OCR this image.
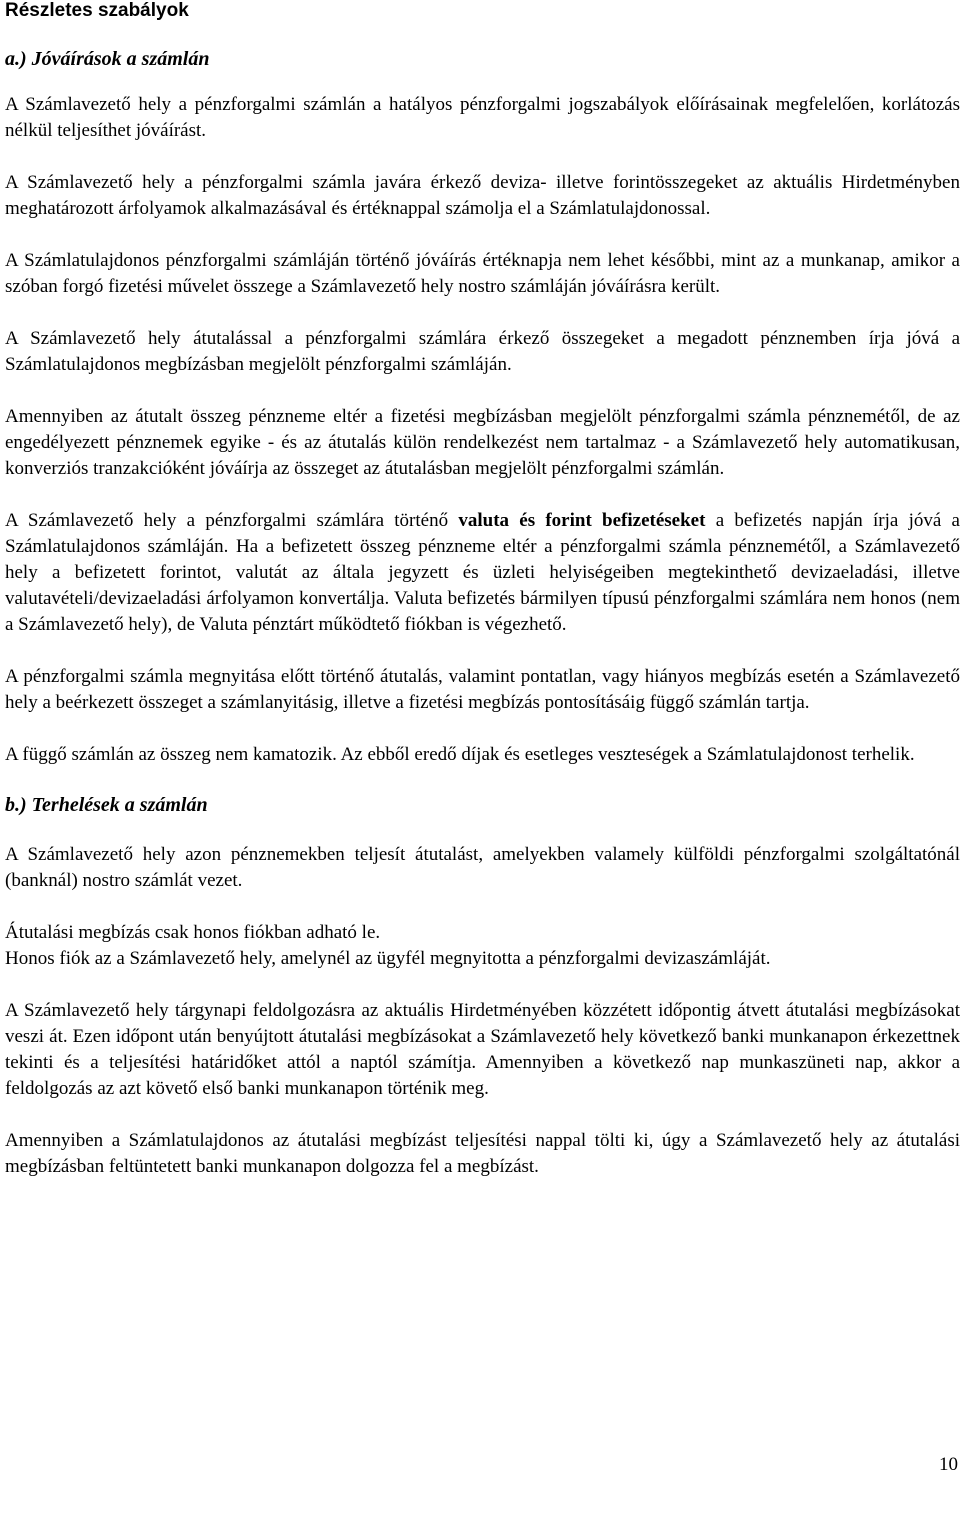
Részletes szabályok
a.) Jóváírások a számlán

A Számlavezető hely a pénzforgalmi számlán a hatályos pénzforgalmi jogszabályok előírásainak megfelelően, korlátozás nélkül teljesíthet jóváírást.

A Számlavezető hely a pénzforgalmi számla javára érkező deviza- illetve forintösszegeket az aktuális Hirdetményben meghatározott árfolyamok alkalmazásával és értéknappal számolja el a Számlatulajdonossal.

A Számlatulajdonos pénzforgalmi számláján történő jóváírás értéknapja nem lehet későbbi, mint az a munkanap, amikor a szóban forgó fizetési művelet összege a Számlavezető hely nostro számláján jóváírásra került.

A Számlavezető hely átutalással a pénzforgalmi számlára érkező összegeket a megadott pénznemben írja jóvá a Számlatulajdonos megbízásban megjelölt pénzforgalmi számláján.

Amennyiben az átutalt összeg pénzneme eltér a fizetési megbízásban megjelölt pénzforgalmi számla pénznemétől, de az engedélyezett pénznemek egyike - és az átutalás külön rendelkezést nem tartalmaz - a Számlavezető hely automatikusan, konverziós tranzakcióként jóváírja az összeget az átutalásban megjelölt pénzforgalmi számlán.

A Számlavezető hely a pénzforgalmi számlára történő valuta és forint befizetéseket a befizetés napján írja jóvá a Számlatulajdonos számláján. Ha a befizetett összeg pénzneme eltér a pénzforgalmi számla pénznemétől, a Számlavezető hely a befizetett forintot, valutát az általa jegyzett és üzleti helyiségeiben megtekinthető devizaeladási, illetve valutavételi/devizaeladási árfolyamon konvertálja. Valuta befizetés bármilyen típusú pénzforgalmi számlára nem honos (nem a Számlavezető hely), de Valuta pénztárt működtető fiókban is végezhető.

A pénzforgalmi számla megnyitása előtt történő átutalás, valamint pontatlan, vagy hiányos megbízás esetén a Számlavezető hely a beérkezett összeget a számlanyitásig, illetve a fizetési megbízás pontosításáig függő számlán tartja.

A függő számlán az összeg nem kamatozik. Az ebből eredő díjak és esetleges veszteségek a Számlatulajdonost terhelik.

b.) Terhelések a számlán

A Számlavezető hely azon pénznemekben teljesít átutalást, amelyekben valamely külföldi pénzforgalmi szolgáltatónál (banknál) nostro számlát vezet.

Átutalási megbízás csak honos fiókban adható le.

Honos fiók az a Számlavezető hely, amelynél az ügyfél megnyitotta a pénzforgalmi devizaszámláját.

A Számlavezető hely tárgynapi feldolgozásra az aktuális Hirdetményében közzétett időpontig átvett átutalási megbízásokat veszi át. Ezen időpont után benyújtott átutalási megbízásokat a Számlavezető hely következő banki munkanapon érkezettnek tekinti és a teljesítési határidőket attól a naptól számítja. Amennyiben a következő nap munkaszüneti nap, akkor a feldolgozás az azt követő első banki munkanapon történik meg.

Amennyiben a Számlatulajdonos az átutalási megbízást teljesítési nappal tölti ki, úgy a Számlavezető hely az átutalási megbízásban feltüntetett banki munkanapon dolgozza fel a megbízást.

10
